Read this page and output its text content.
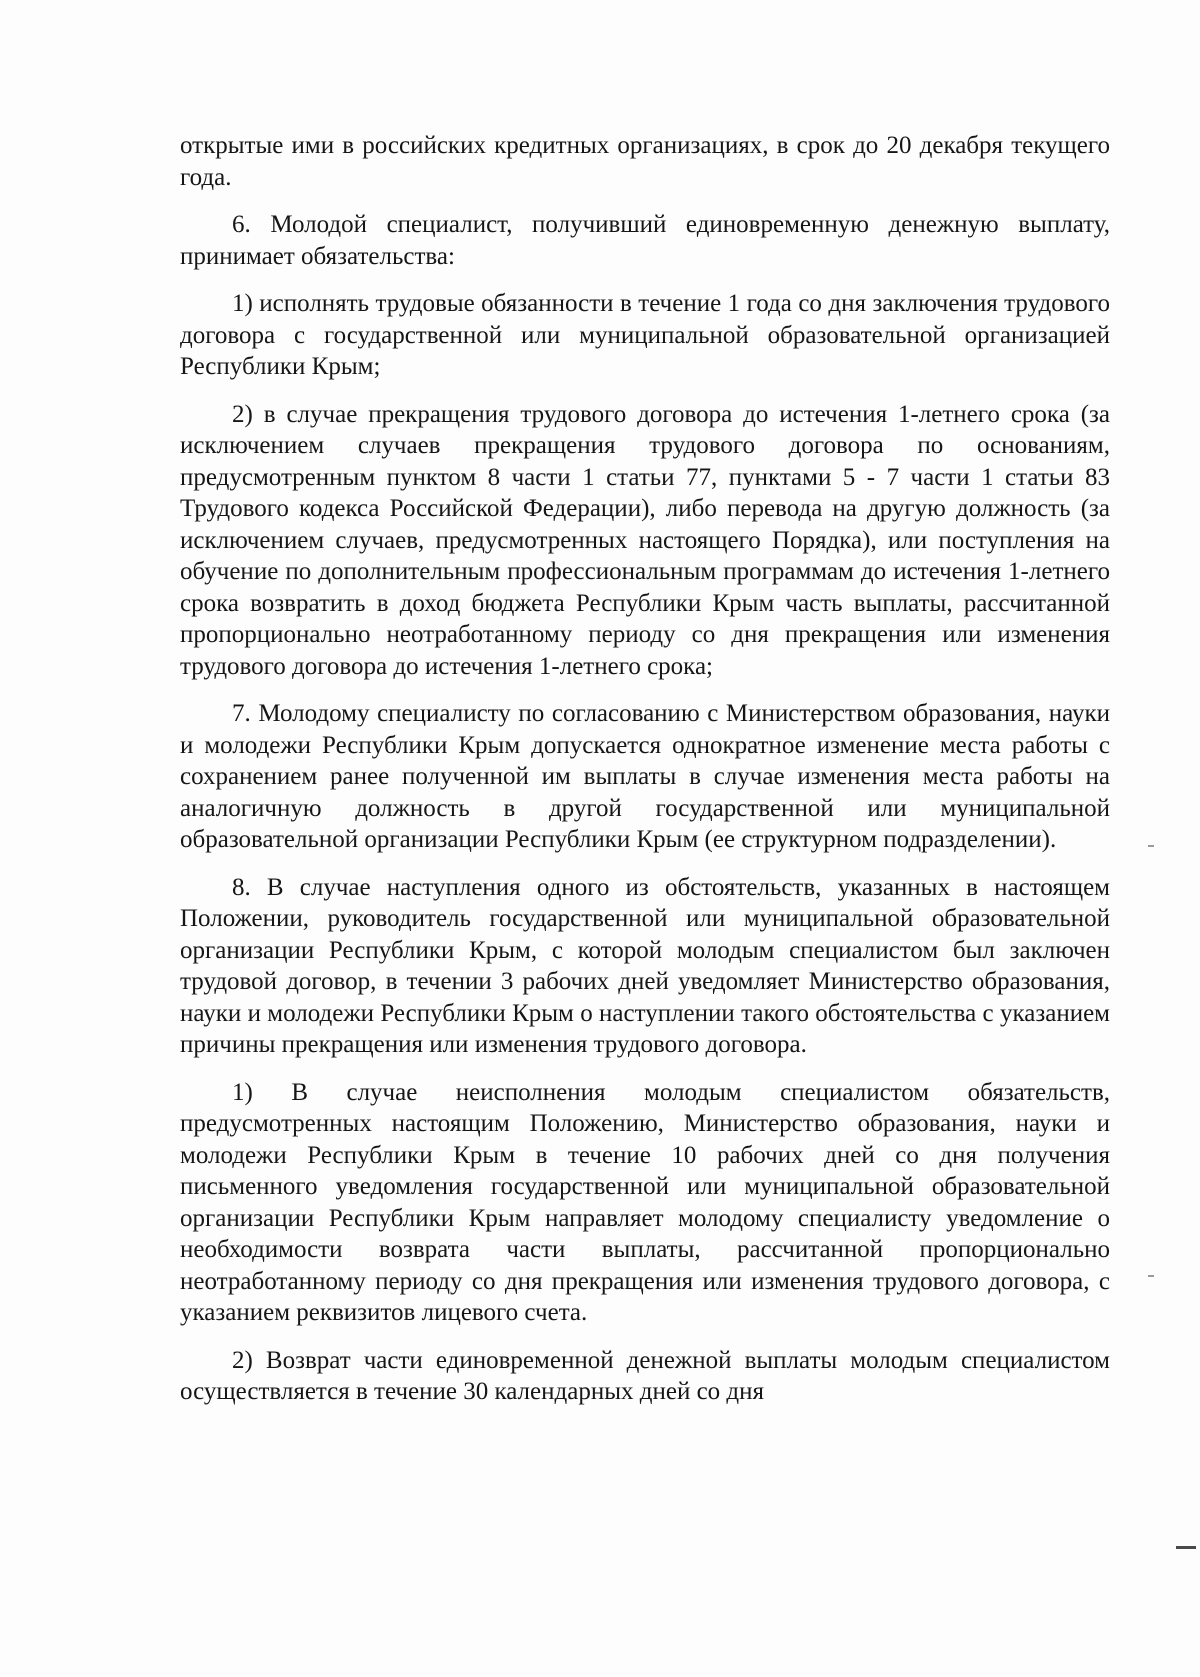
открытые ими в российских кредитных организациях, в срок до 20 декабря текущего года.

6. Молодой специалист, получивший единовременную денежную выплату, принимает обязательства:

1) исполнять трудовые обязанности в течение 1 года со дня заключения трудового договора с государственной или муниципальной образовательной организацией Республики Крым;

2) в случае прекращения трудового договора до истечения 1-летнего срока (за исключением случаев прекращения трудового договора по основаниям, предусмотренным пунктом 8 части 1 статьи 77, пунктами 5 - 7 части 1 статьи 83 Трудового кодекса Российской Федерации), либо перевода на другую должность (за исключением случаев, предусмотренных настоящего Порядка), или поступления на обучение по дополнительным профессиональным программам до истечения 1-летнего срока возвратить в доход бюджета Республики Крым часть выплаты, рассчитанной пропорционально неотработанному периоду со дня прекращения или изменения трудового договора до истечения 1-летнего срока;

7. Молодому специалисту по согласованию с Министерством образования, науки и молодежи Республики Крым допускается однократное изменение места работы с сохранением ранее полученной им выплаты в случае изменения места работы на аналогичную должность в другой государственной или муниципальной образовательной организации Республики Крым (ее структурном подразделении).

8. В случае наступления одного из обстоятельств, указанных в настоящем Положении, руководитель государственной или муниципальной образовательной организации Республики Крым, с которой молодым специалистом был заключен трудовой договор, в течении 3 рабочих дней уведомляет Министерство образования, науки и молодежи Республики Крым о наступлении такого обстоятельства с указанием причины прекращения или изменения трудового договора.

1) В случае неисполнения молодым специалистом обязательств, предусмотренных настоящим Положению, Министерство образования, науки и молодежи Республики Крым в течение 10 рабочих дней со дня получения письменного уведомления государственной или муниципальной образовательной организации Республики Крым направляет молодому специалисту уведомление о необходимости возврата части выплаты, рассчитанной пропорционально неотработанному периоду со дня прекращения или изменения трудового договора, с указанием реквизитов лицевого счета.

2) Возврат части единовременной денежной выплаты молодым специалистом осуществляется в течение 30 календарных дней со дня
